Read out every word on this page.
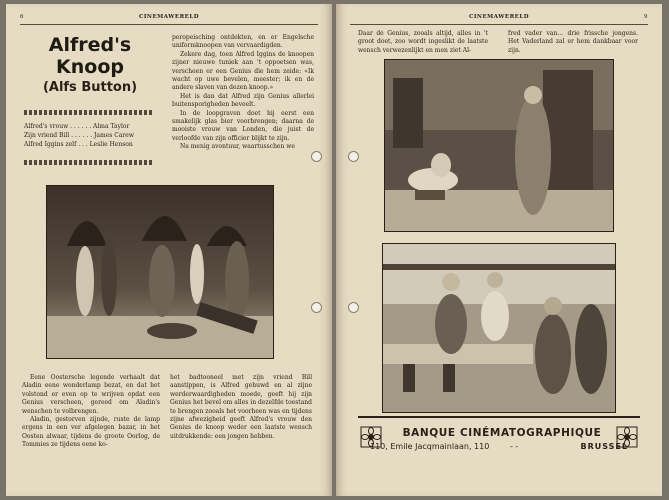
6	CINEMAWERELD
Alfred's Knoop
(Alfs Button)
Alfred's vrouw . . . . . . Alma Taylor
Zijn vriend Bill . . . . . . James Carew
Alfred Iggins zelf . . . Leslie Henson

peropeisching ontdekten, en er Engelsche uniformknoopen van vervaardigden.

Zekere dag, toen Alfred Iggins de knoopen zijner nieuwe tuniek aan 't oppoetsen was, verscheen er een Genius die hem zeide: «Ik wacht op uwe bevelen, meester; ik en de andere slaven van dezen knoop.»

Het is dan dat Alfred zijn Genius allerlei buitensporigheden beveelt.

In de loopgraven doet hij eerst een smakelijk glas bier voorbrengen; daarna de mooiste vrouw van Londen, die juist de verloofde van zijn officier blijkt te zijn.

Na menig avontuur, waartusschen we

Eene Oostersche legende verhaalt dat Aladin eene wonderlamp bezat, en dat het volstond er even op te wrijven opdat een Genius verscheen, gereed om Aladin's wenschen te volbrengen.

Aladin, gestorven zijnde, ruste de lamp ergens in een ver afgelegen bazar, in het Oosten alwaar, tijdens de groote Oorlog, de Tommies ze tijdens eene ko-

het badtooneel met zijn vriend Bill aanstippen, is Alfred gehuwd en al zijne werderwaardigheden moede, geeft hij zijn Genius het bevel om alles in dezelfde toestand te brengen zooals het voorheen was en tijdens zijne afwezigheid geeft Alfred's vrouw den Genius de knoop weder een laatste wensch uitdrukkende: een jongen hebben.

CINEMAWERELD	9

Daar de Genius, zooals altijd, alles in 't groot doet, zoo wordt ingeslikt de laatste wensch verwezenlijkt en men ziet Al-

fred vader van... drie frissche jongens. Het Vaderland zal er hem dankbaar voor zijn.

BANQUE CINÉMATOGRAPHIQUE
110, Emile Jacqmainlaan, 110	- -	BRUSSEL
